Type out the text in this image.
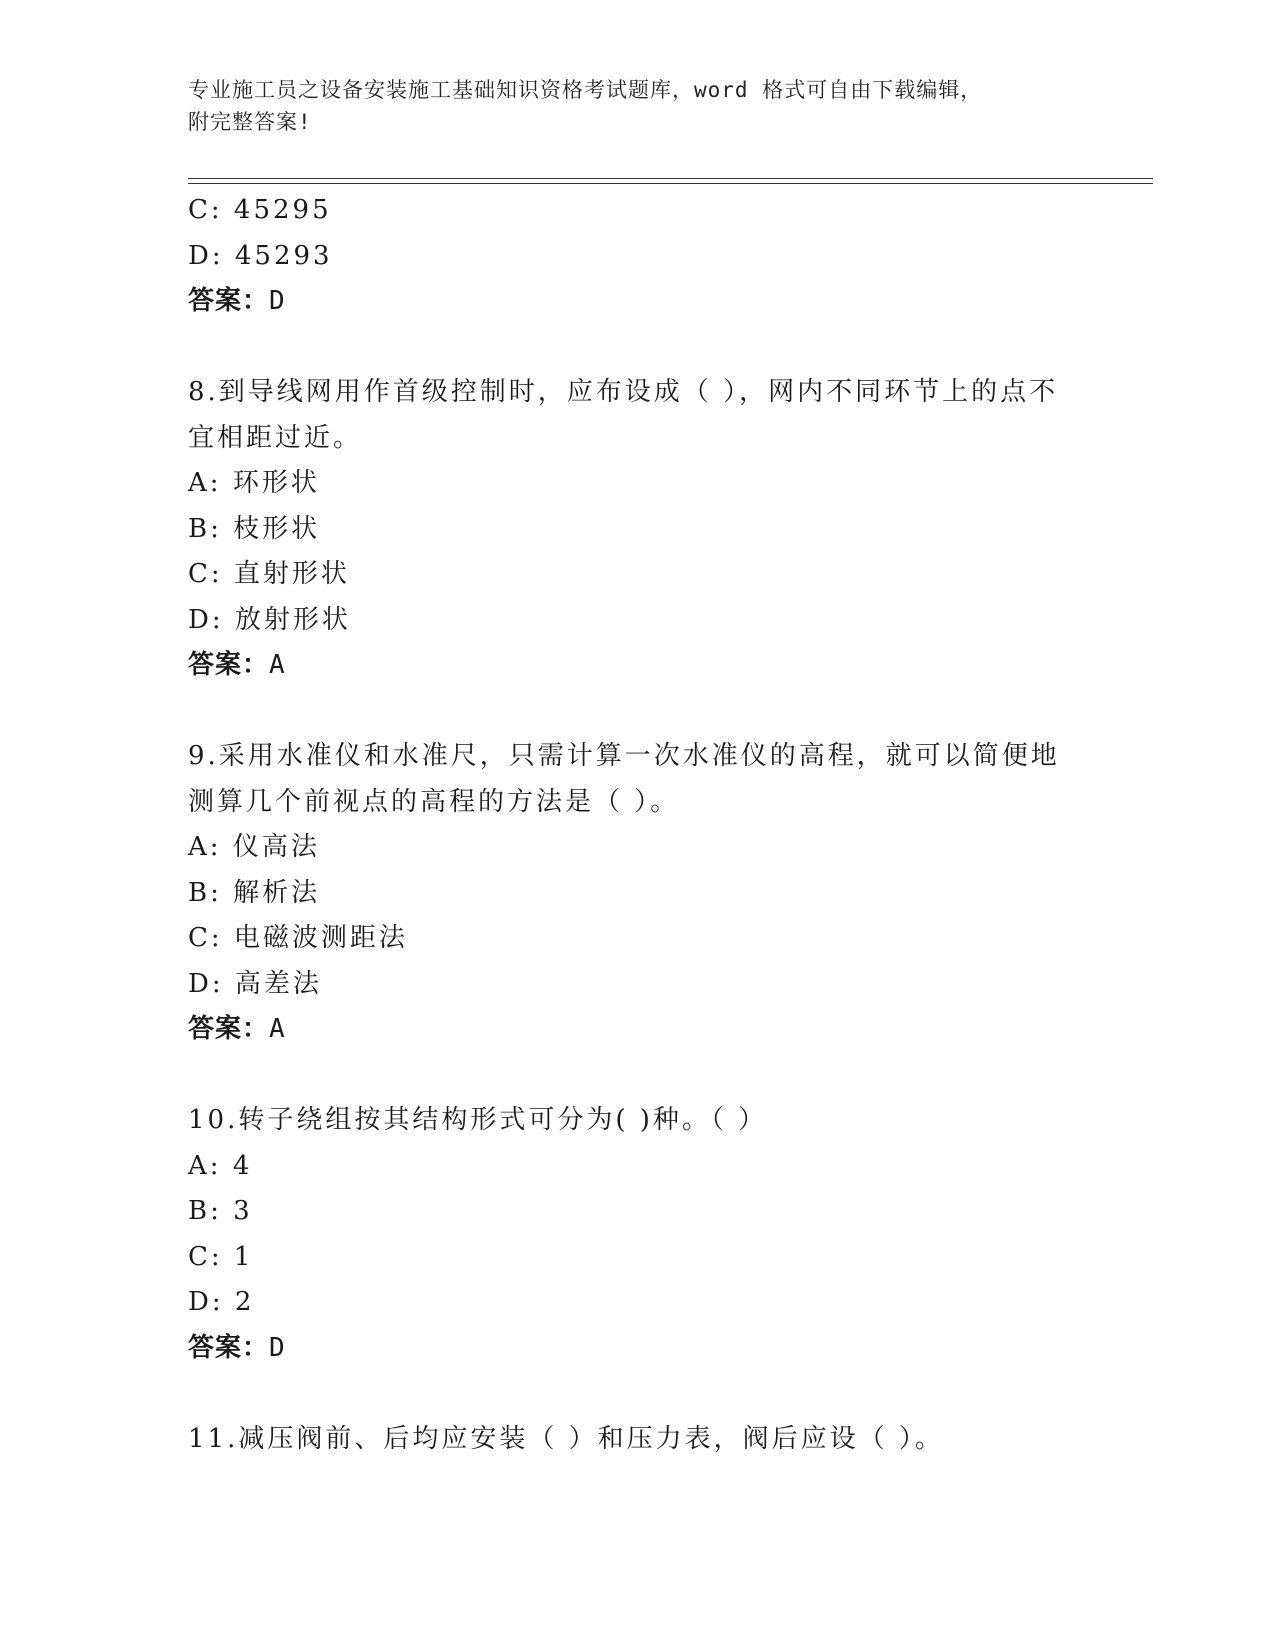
专业施工员之设备安装施工基础知识资格考试题库，word 格式可自由下载编辑，
附完整答案!
C: 45295
D: 45293
答案：D
8.到导线网用作首级控制时，应布设成（ ），网内不同环节上的点不
宜相距过近。
A: 环形状
B: 枝形状
C: 直射形状
D: 放射形状
答案：A
9.采用水准仪和水准尺，只需计算一次水准仪的高程，就可以简便地
测算几个前视点的高程的方法是（ ）。
A: 仪高法
B: 解析法
C: 电磁波测距法
D: 高差法
答案：A
10.转子绕组按其结构形式可分为( )种。（ ）
A: 4
B: 3
C: 1
D: 2
答案：D
11.减压阀前、后均应安装（ ）和压力表，阀后应设（ ）。
